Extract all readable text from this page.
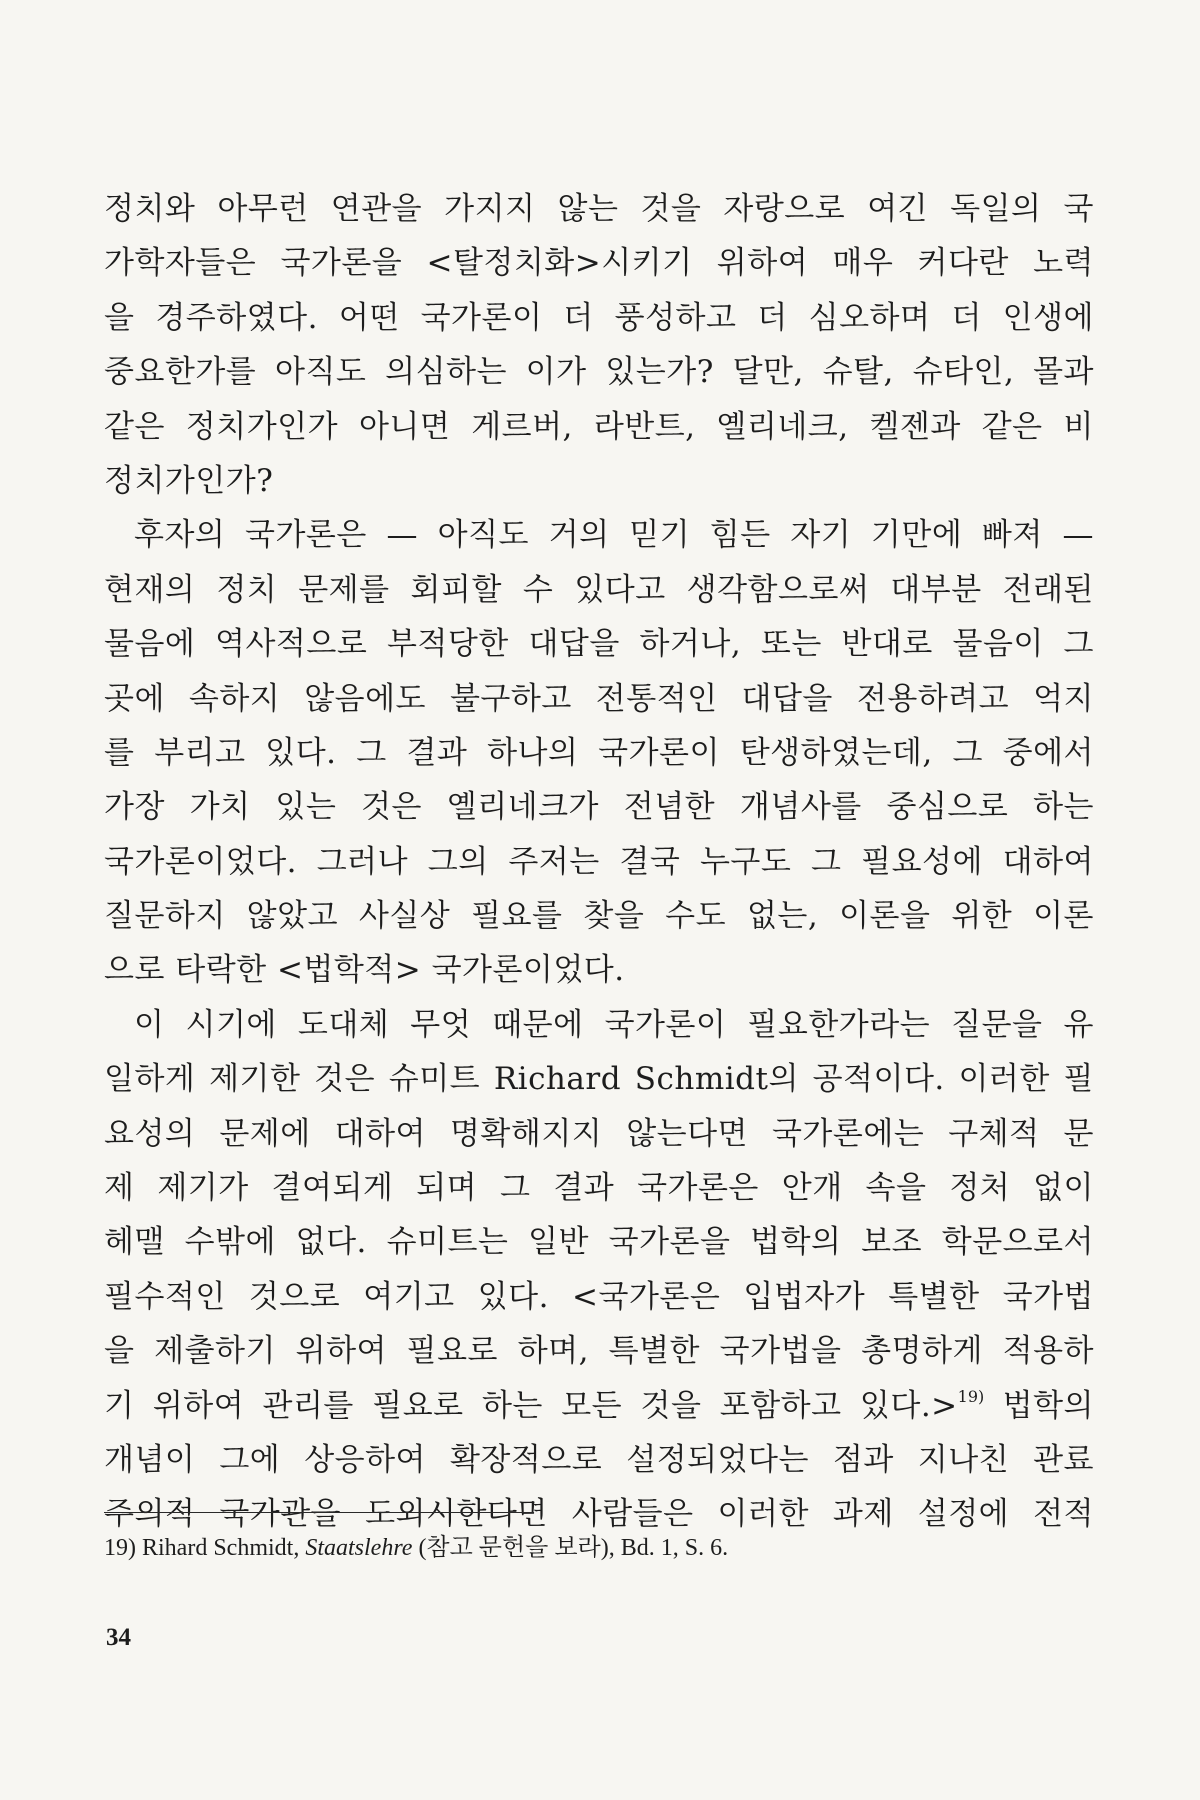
정치와 아무런 연관을 가지지 않는 것을 자랑으로 여긴 독일의 국
가학자들은 국가론을 <탈정치화>시키기 위하여 매우 커다란 노력
을 경주하였다. 어떤 국가론이 더 풍성하고 더 심오하며 더 인생에
중요한가를 아직도 의심하는 이가 있는가? 달만, 슈탈, 슈타인, 몰과
같은 정치가인가 아니면 게르버, 라반트, 옐리네크, 켈젠과 같은 비
정치가인가?
후자의 국가론은 — 아직도 거의 믿기 힘든 자기 기만에 빠져 —
현재의 정치 문제를 회피할 수 있다고 생각함으로써 대부분 전래된
물음에 역사적으로 부적당한 대답을 하거나, 또는 반대로 물음이 그
곳에 속하지 않음에도 불구하고 전통적인 대답을 전용하려고 억지
를 부리고 있다. 그 결과 하나의 국가론이 탄생하였는데, 그 중에서
가장 가치 있는 것은 옐리네크가 전념한 개념사를 중심으로 하는
국가론이었다. 그러나 그의 주저는 결국 누구도 그 필요성에 대하여
질문하지 않았고 사실상 필요를 찾을 수도 없는, 이론을 위한 이론
으로 타락한 <법학적> 국가론이었다.
이 시기에 도대체 무엇 때문에 국가론이 필요한가라는 질문을 유
일하게 제기한 것은 슈미트 Richard Schmidt의 공적이다. 이러한 필
요성의 문제에 대하여 명확해지지 않는다면 국가론에는 구체적 문
제 제기가 결여되게 되며 그 결과 국가론은 안개 속을 정처 없이
헤맬 수밖에 없다. 슈미트는 일반 국가론을 법학의 보조 학문으로서
필수적인 것으로 여기고 있다. <국가론은 입법자가 특별한 국가법
을 제출하기 위하여 필요로 하며, 특별한 국가법을 총명하게 적용하
기 위하여 관리를 필요로 하는 모든 것을 포함하고 있다.>$^{19)}$ 법학의
개념이 그에 상응하여 확장적으로 설정되었다는 점과 지나친 관료
주의적 국가관을 도외시한다면 사람들은 이러한 과제 설정에 전적
19) Rihard Schmidt, Staatslehre (참고 문헌을 보라), Bd. 1, S. 6.
34
